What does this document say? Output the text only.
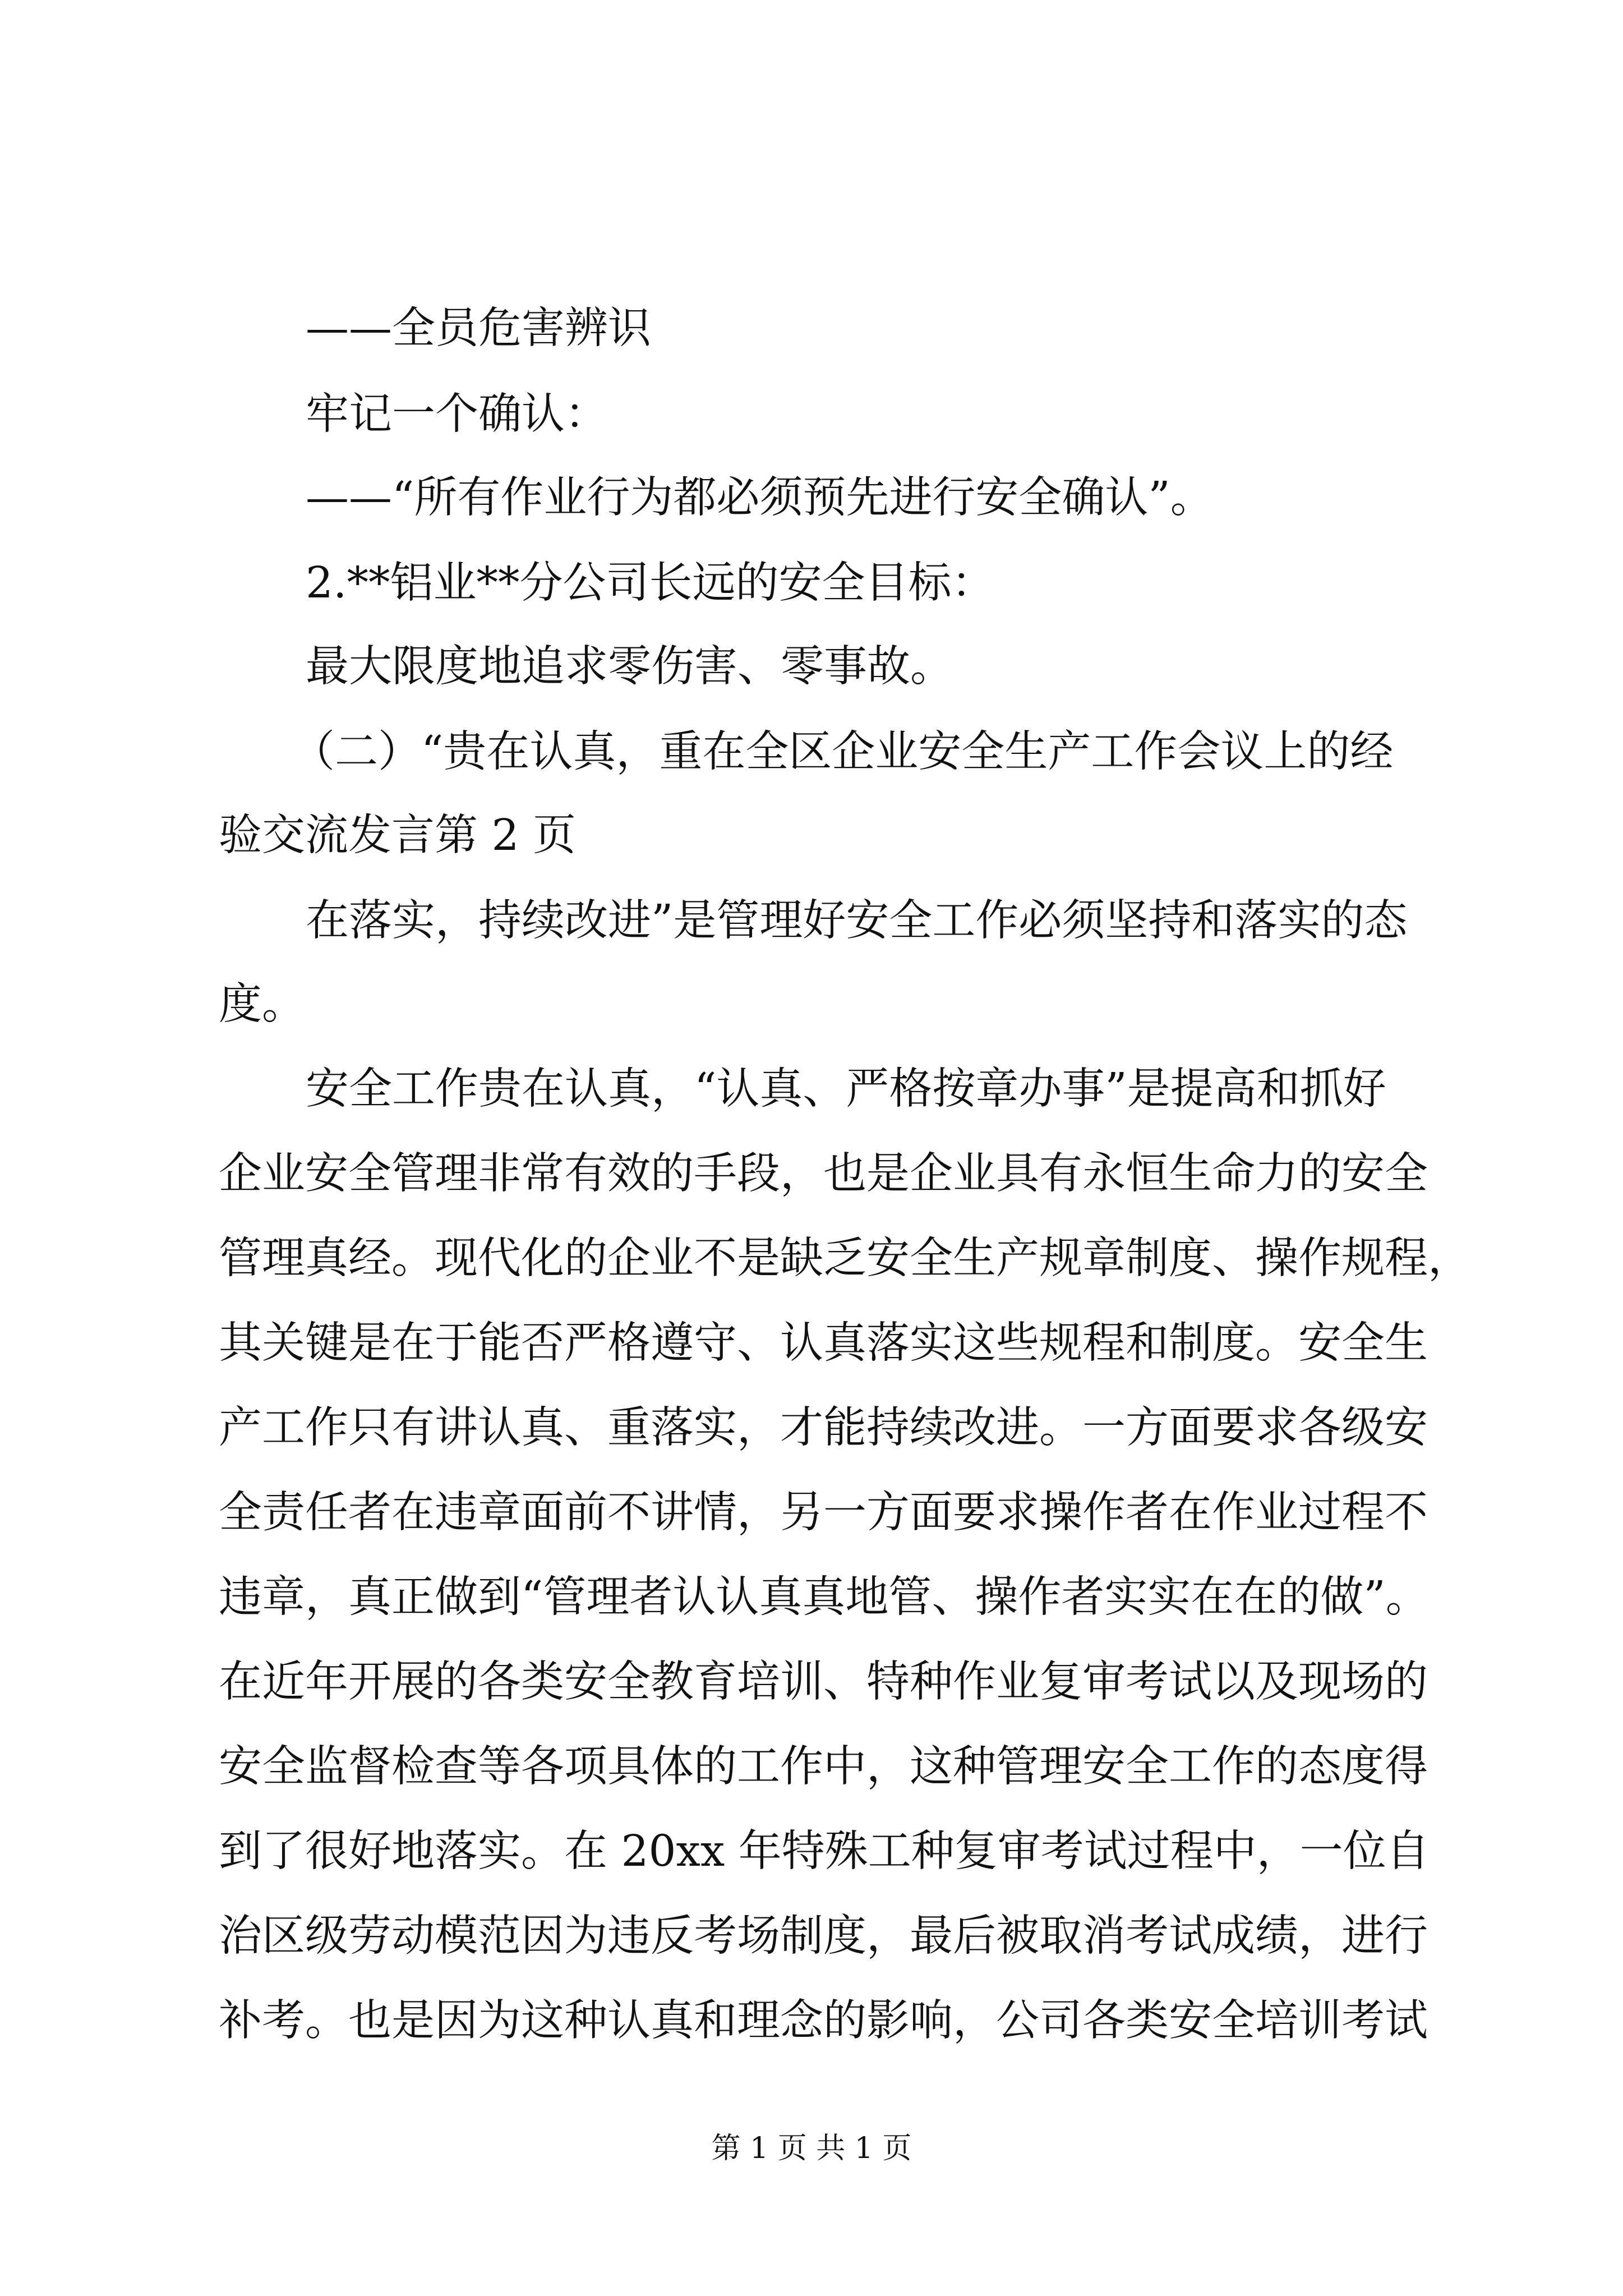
——全员危害辨识
牢记一个确认：
——“所有作业行为都必须预先进行安全确认”。
2.**铝业**分公司长远的安全目标：
最大限度地追求零伤害、零事故。
（二）“贵在认真，重在全区企业安全生产工作会议上的经
验交流发言第 2 页
在落实，持续改进”是管理好安全工作必须坚持和落实的态
度。
安全工作贵在认真，“认真、严格按章办事”是提高和抓好
企业安全管理非常有效的手段，也是企业具有永恒生命力的安全
管理真经。现代化的企业不是缺乏安全生产规章制度、操作规程，
其关键是在于能否严格遵守、认真落实这些规程和制度。安全生
产工作只有讲认真、重落实，才能持续改进。一方面要求各级安
全责任者在违章面前不讲情，另一方面要求操作者在作业过程不
违章，真正做到“管理者认认真真地管、操作者实实在在的做”。
在近年开展的各类安全教育培训、特种作业复审考试以及现场的
安全监督检查等各项具体的工作中，这种管理安全工作的态度得
到了很好地落实。在 20xx 年特殊工种复审考试过程中，一位自
治区级劳动模范因为违反考场制度，最后被取消考试成绩，进行
补考。也是因为这种认真和理念的影响，公司各类安全培训考试
第 1 页 共 1 页
